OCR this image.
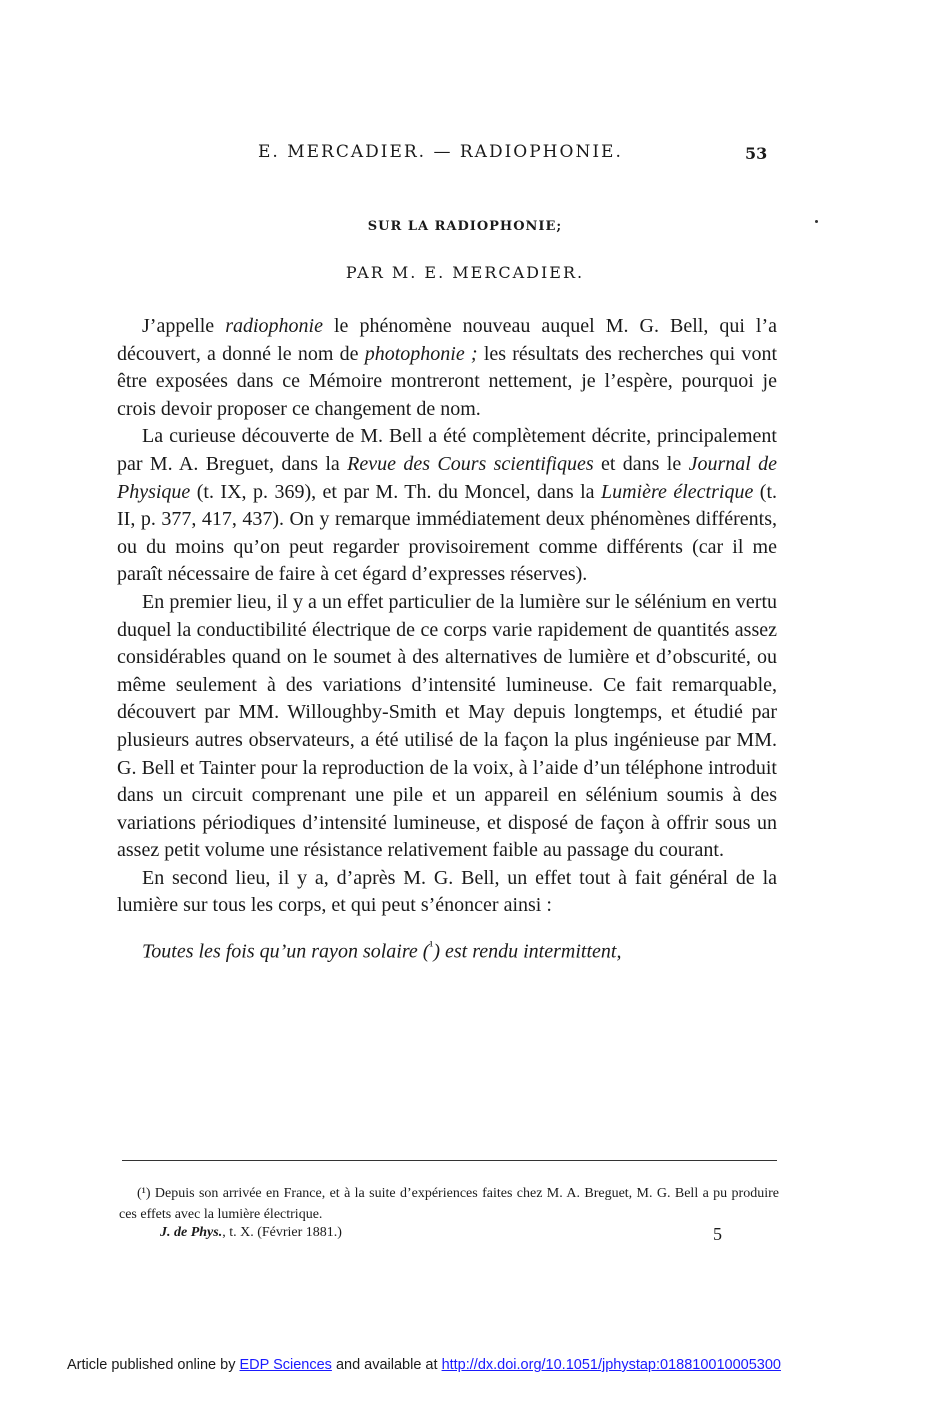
E. MERCADIER. — RADIOPHONIE.	53
SUR LA RADIOPHONIE;
PAR M. E. MERCADIER.

J’appelle radiophonie le phénomène nouveau auquel M. G. Bell, qui l’a découvert, a donné le nom de photophonie ; les résultats des recherches qui vont être exposées dans ce Mémoire montreront nettement, je l’espère, pourquoi je crois devoir proposer ce changement de nom.

La curieuse découverte de M. Bell a été complètement décrite, principalement par M. A. Breguet, dans la Revue des Cours scientifiques et dans le Journal de Physique (t. IX, p. 369), et par M. Th. du Moncel, dans la Lumière électrique (t. II, p. 377, 417, 437). On y remarque immédiatement deux phénomènes différents, ou du moins qu’on peut regarder provisoirement comme différents (car il me paraît nécessaire de faire à cet égard d’expresses réserves).

En premier lieu, il y a un effet particulier de la lumière sur le sélénium en vertu duquel la conductibilité électrique de ce corps varie rapidement de quantités assez considérables quand on le soumet à des alternatives de lumière et d’obscurité, ou même seulement à des variations d’intensité lumineuse. Ce fait remarquable, découvert par MM. Willoughby-Smith et May depuis longtemps, et étudié par plusieurs autres observateurs, a été utilisé de la façon la plus ingénieuse par MM. G. Bell et Tainter pour la reproduction de la voix, à l’aide d’un téléphone introduit dans un circuit comprenant une pile et un appareil en sélénium soumis à des variations périodiques d’intensité lumineuse, et disposé de façon à offrir sous un assez petit volume une résistance relativement faible au passage du courant.

En second lieu, il y a, d’après M. G. Bell, un effet tout à fait général de la lumière sur tous les corps, et qui peut s’énoncer ainsi :

Toutes les fois qu’un rayon solaire ($^{^1}$) est rendu intermittent,

(¹) Depuis son arrivée en France, et à la suite d’expériences faites chez M. A. Breguet, M. G. Bell a pu produire ces effets avec la lumière électrique.
J. de Phys., t. X. (Février 1881.)	5
Article published online by EDP Sciences and available at http://dx.doi.org/10.1051/jphystap:018810010005300
